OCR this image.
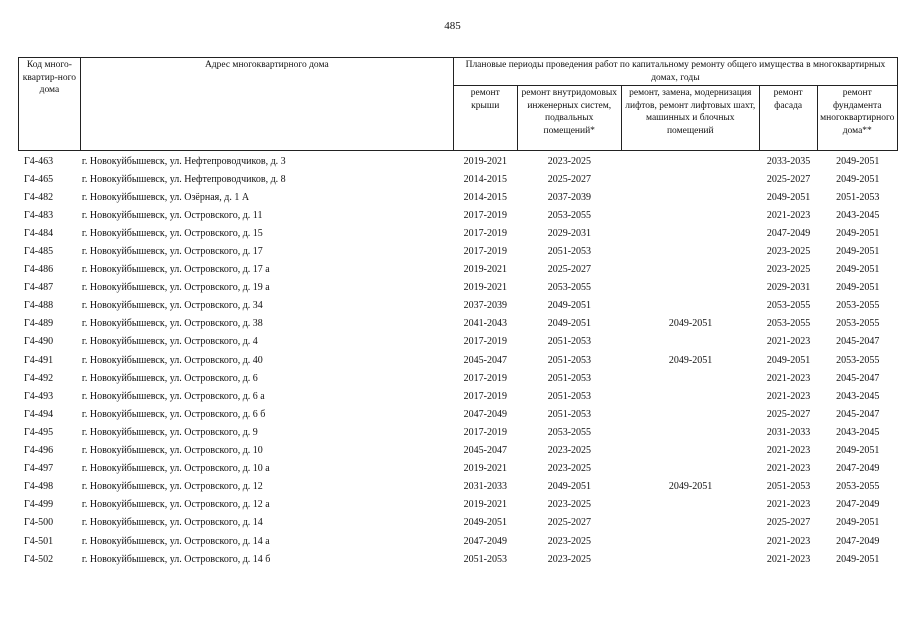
485
Код много-квартир-ного дома	Адрес многоквартирного дома	Плановые периоды проведения работ по капитальному ремонту общего имущества в многоквартирных домах, годы				
		ремонт крыши	ремонт внутридомовых инженерных систем, подвальных помещений*	ремонт, замена, модернизация лифтов, ремонт лифтовых шахт, машинных и блочных помещений	ремонт фасада	ремонт фундамента многоквартирного дома**
Г4-463	г. Новокуйбышевск, ул. Нефтепроводчиков, д. 3	2019-2021	2023-2025		2033-2035	2049-2051
Г4-465	г. Новокуйбышевск, ул. Нефтепроводчиков, д. 8	2014-2015	2025-2027		2025-2027	2049-2051
Г4-482	г. Новокуйбышевск, ул. Озёрная, д. 1 А	2014-2015	2037-2039		2049-2051	2051-2053
Г4-483	г. Новокуйбышевск, ул. Островского, д. 11	2017-2019	2053-2055		2021-2023	2043-2045
Г4-484	г. Новокуйбышевск, ул. Островского, д. 15	2017-2019	2029-2031		2047-2049	2049-2051
Г4-485	г. Новокуйбышевск, ул. Островского, д. 17	2017-2019	2051-2053		2023-2025	2049-2051
Г4-486	г. Новокуйбышевск, ул. Островского, д. 17 а	2019-2021	2025-2027		2023-2025	2049-2051
Г4-487	г. Новокуйбышевск, ул. Островского, д. 19 а	2019-2021	2053-2055		2029-2031	2049-2051
Г4-488	г. Новокуйбышевск, ул. Островского, д. 34	2037-2039	2049-2051		2053-2055	2053-2055
Г4-489	г. Новокуйбышевск, ул. Островского, д. 38	2041-2043	2049-2051	2049-2051	2053-2055	2053-2055
Г4-490	г. Новокуйбышевск, ул. Островского, д. 4	2017-2019	2051-2053		2021-2023	2045-2047
Г4-491	г. Новокуйбышевск, ул. Островского, д. 40	2045-2047	2051-2053	2049-2051	2049-2051	2053-2055
Г4-492	г. Новокуйбышевск, ул. Островского, д. 6	2017-2019	2051-2053		2021-2023	2045-2047
Г4-493	г. Новокуйбышевск, ул. Островского, д. 6 а	2017-2019	2051-2053		2021-2023	2043-2045
Г4-494	г. Новокуйбышевск, ул. Островского, д. 6 б	2047-2049	2051-2053		2025-2027	2045-2047
Г4-495	г. Новокуйбышевск, ул. Островского, д. 9	2017-2019	2053-2055		2031-2033	2043-2045
Г4-496	г. Новокуйбышевск, ул. Островского, д. 10	2045-2047	2023-2025		2021-2023	2049-2051
Г4-497	г. Новокуйбышевск, ул. Островского, д. 10 а	2019-2021	2023-2025		2021-2023	2047-2049
Г4-498	г. Новокуйбышевск, ул. Островского, д. 12	2031-2033	2049-2051	2049-2051	2051-2053	2053-2055
Г4-499	г. Новокуйбышевск, ул. Островского, д. 12 а	2019-2021	2023-2025		2021-2023	2047-2049
Г4-500	г. Новокуйбышевск, ул. Островского, д. 14	2049-2051	2025-2027		2025-2027	2049-2051
Г4-501	г. Новокуйбышевск, ул. Островского, д. 14 а	2047-2049	2023-2025		2021-2023	2047-2049
Г4-502	г. Новокуйбышевск, ул. Островского, д. 14 б	2051-2053	2023-2025		2021-2023	2049-2051
